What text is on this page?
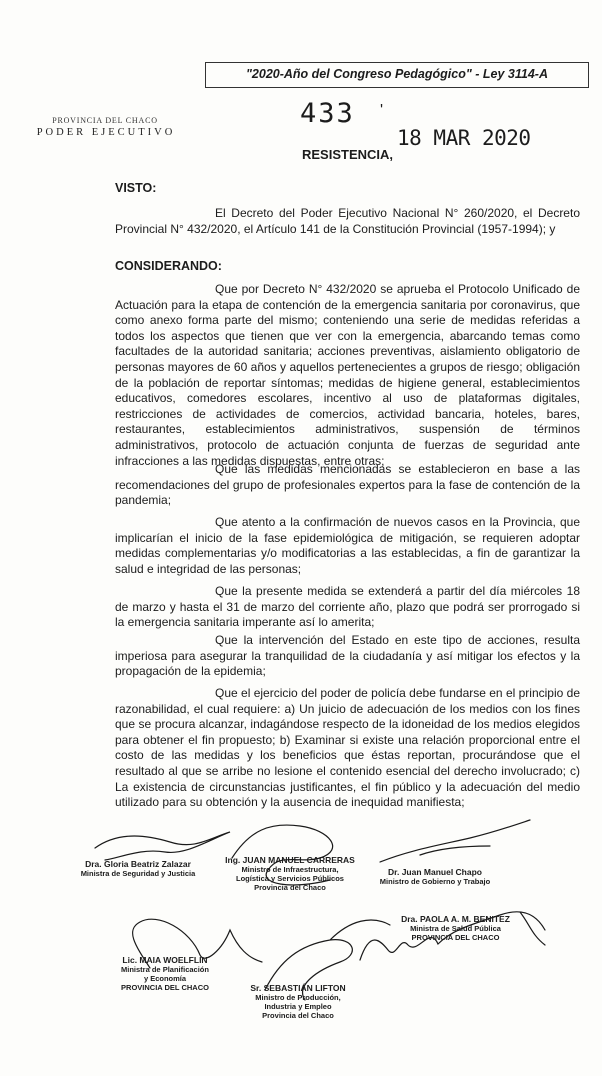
"2020-Año del Congreso Pedagógico" - Ley 3114-A
PROVINCIA DEL CHACO
PODER EJECUTIVO
433 '
RESISTENCIA,
18 MAR 2020
VISTO:

El Decreto del Poder Ejecutivo Nacional N° 260/2020, el Decreto Provincial N° 432/2020, el Artículo 141 de la Constitución Provincial (1957-1994); y

CONSIDERANDO:

Que por Decreto N° 432/2020 se aprueba el Protocolo Unificado de Actuación para la etapa de contención de la emergencia sanitaria por coronavirus, que como anexo forma parte del mismo; conteniendo una serie de medidas referidas a todos los aspectos que tienen que ver con la emergencia, abarcando temas como facultades de la autoridad sanitaria; acciones preventivas, aislamiento obligatorio de personas mayores de 60 años y aquellos pertenecientes a grupos de riesgo; obligación de la población de reportar síntomas; medidas de higiene general, establecimientos educativos, comedores escolares, incentivo al uso de plataformas digitales, restricciones de actividades de comercios, actividad bancaria, hoteles, bares, restaurantes, establecimientos administrativos, suspensión de términos administrativos, protocolo de actuación conjunta de fuerzas de seguridad ante infracciones a las medidas dispuestas, entre otras;

Que las medidas mencionadas se establecieron en base a las recomendaciones del grupo de profesionales expertos para la fase de contención de la pandemia;

Que atento a la confirmación de nuevos casos en la Provincia, que implicarían el inicio de la fase epidemiológica de mitigación, se requieren adoptar medidas complementarias y/o modificatorias a las establecidas, a fin de garantizar la salud e integridad de las personas;

Que la presente medida se extenderá a partir del día miércoles 18 de marzo y hasta el 31 de marzo del corriente año, plazo que podrá ser prorrogado si la emergencia sanitaria imperante así lo amerita;

Que la intervención del Estado en este tipo de acciones, resulta imperiosa para asegurar la tranquilidad de la ciudadanía y así mitigar los efectos y la propagación de la epidemia;

Que el ejercicio del poder de policía debe fundarse en el principio de razonabilidad, el cual requiere: a) Un juicio de adecuación de los medios con los fines que se procura alcanzar, indagándose respecto de la idoneidad de los medios elegidos para obtener el fin propuesto; b) Examinar si existe una relación proporcional entre el costo de las medidas y los beneficios que éstas reportan, procurándose que el resultado al que se arribe no lesione el contenido esencial del derecho involucrado; c) La existencia de circunstancias justificantes, el fin público y la adecuación del medio utilizado para su obtención y la ausencia de inequidad manifiesta;

Dra. Gloria Beatriz Zalazar
Ministra de Seguridad y Justicia
Ing. JUAN MANUEL CARRERAS
Ministro de Infraestructura,
Logística y Servicios Públicos
Provincia del Chaco
Dr. Juan Manuel Chapo
Ministro de Gobierno y Trabajo
Dra. PAOLA A. M. BENITEZ
Ministra de Salud Pública
PROVINCIA DEL CHACO
Lic. MAIA WOELFLIN
Ministra de Planificación
y Economía
PROVINCIA DEL CHACO	Sr. SEBASTIÁN LIFTON
Ministro de Producción,
Industria y Empleo
Provincia del Chaco
